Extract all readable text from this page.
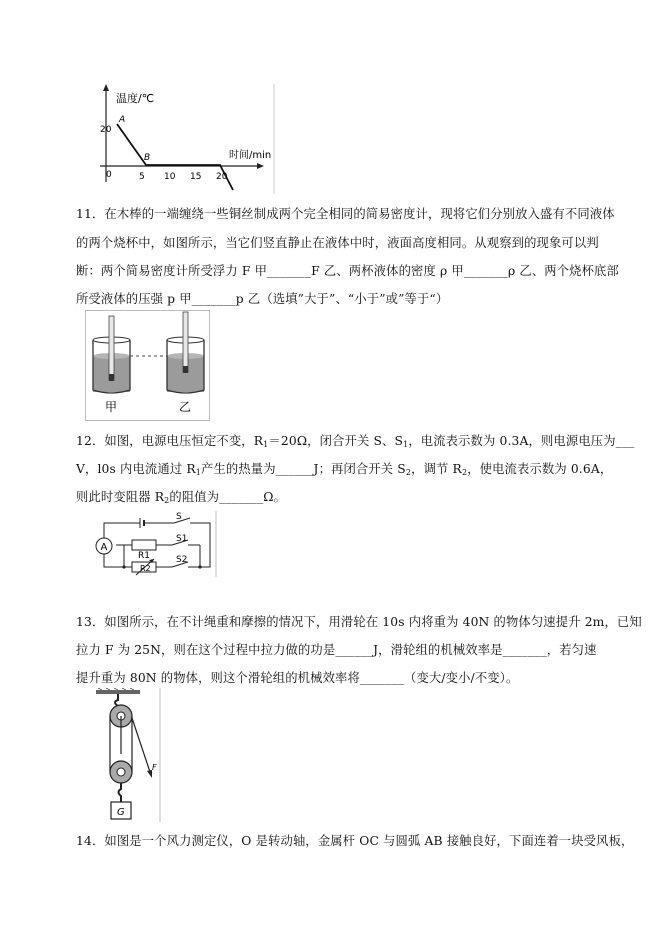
温度/℃
时间/min
20
0
A
B
5 10 15 20
11．在木棒的一端缠绕一些铜丝制成两个完全相同的简易密度计，现将它们分别放入盛有不同液体
的两个烧杯中，如图所示，当它们竖直静止在液体中时，液面高度相同。从观察到的现象可以判
断：两个简易密度计所受浮力 F 甲_______F 乙、两杯液体的密度 ρ 甲_______ρ 乙、两个烧杯底部
所受液体的压强 p 甲_______p 乙（选填”大于”、“小于”或”等于“）
甲	乙
12．如图，电源电压恒定不变，$R_1=20\Omega$，闭合开关 S、$S_1$，电流表示数为 0.3A，则电源电压为___
V，l0s 内电流通过 $R_1$产生的热量为______J；再闭合开关 $S_2$，调节 $R_2$，使电流表示数为 0.6A，
则此时变阻器 $R_2$的阻值为_______Ω。
A
S
S1
S2
R1
R2
13．如图所示，在不计绳重和摩擦的情况下，用滑轮在 10s 内将重为 40N 的物体匀速提升 2m，已知
拉力 F 为 25N，则在这个过程中拉力做的功是______J，滑轮组的机械效率是_______，若匀速
提升重为 80N 的物体，则这个滑轮组的机械效率将_______（变大/变小/不变）。
G
F
14．如图是一个风力测定仪，O 是转动轴，金属杆 OC 与圆弧 AB 接触良好，下面连着一块受风板，
